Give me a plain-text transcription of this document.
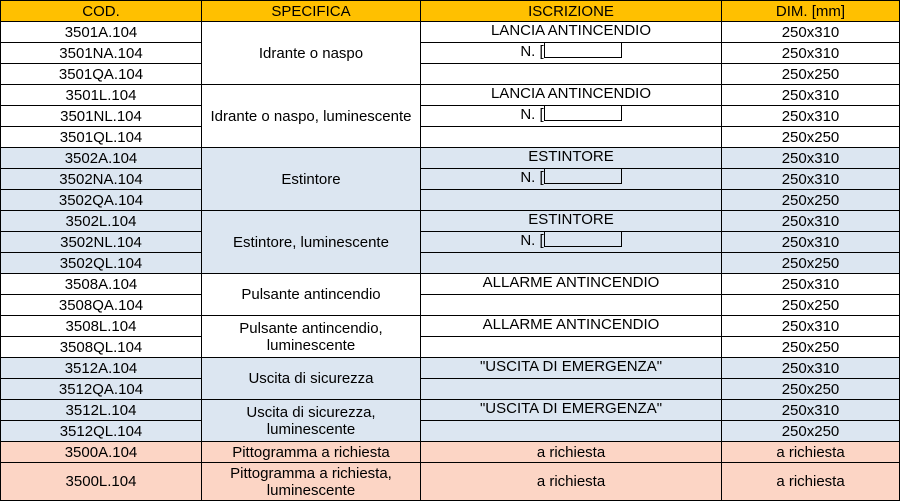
COD.	SPECIFICA	ISCRIZIONE	DIM. [mm]
3501A.104	Idrante o naspo	LANCIA ANTINCENDIO	250x310
3501NA.104		N. [	250x310
3501QA.104			250x250
3501L.104	Idrante o naspo, luminescente	LANCIA ANTINCENDIO	250x310
3501NL.104		N. [	250x310
3501QL.104			250x250
3502A.104	Estintore	ESTINTORE	250x310
3502NA.104		N. [	250x310
3502QA.104			250x250
3502L.104	Estintore, luminescente	ESTINTORE	250x310
3502NL.104		N. [	250x310
3502QL.104			250x250
3508A.104	Pulsante antincendio	ALLARME ANTINCENDIO	250x310
3508QA.104			250x250
3508L.104	Pulsante antincendio, luminescente	ALLARME ANTINCENDIO	250x310
3508QL.104			250x250
3512A.104	Uscita di sicurezza	"USCITA DI EMERGENZA"	250x310
3512QA.104			250x250
3512L.104	Uscita di sicurezza, luminescente	"USCITA DI EMERGENZA"	250x310
3512QL.104			250x250
3500A.104	Pittogramma a richiesta	a richiesta	a richiesta
3500L.104	Pittogramma a richiesta, luminescente	a richiesta	a richiesta
